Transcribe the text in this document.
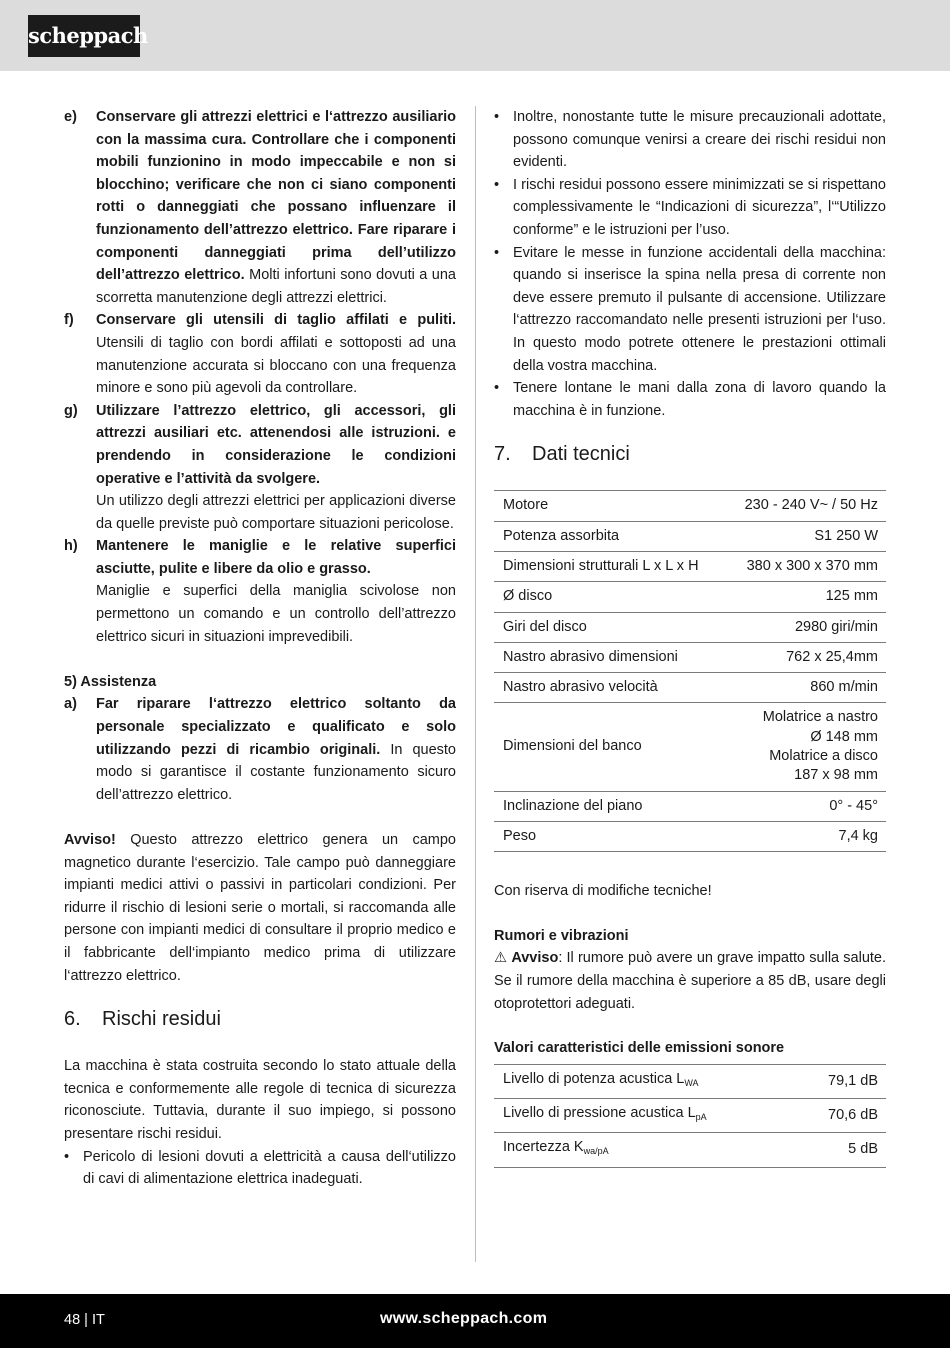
scheppach
e)	Conservare gli attrezzi elettrici e l‘attrezzo ausiliario con la massima cura. Controllare che i componenti mobili funzionino in modo impeccabile e non si blocchino; verificare che non ci siano componenti rotti o danneggiati che possano influenzare il funzionamento dell’attrezzo elettrico. Fare riparare i componenti danneggiati prima dell’utilizzo dell’attrezzo elettrico. Molti infortuni sono dovuti a una scorretta manutenzione degli attrezzi elettrici.
f)	Conservare gli utensili di taglio affilati e puliti. Utensili di taglio con bordi affilati e sottoposti ad una manutenzione accurata si bloccano con una frequenza minore e sono più agevoli da controllare.
g)	Utilizzare l’attrezzo elettrico, gli accessori, gli attrezzi ausiliari etc. attenendosi alle istruzioni. e prendendo in considerazione le condizioni operative e l’attività da svolgere.
Un utilizzo degli attrezzi elettrici per applicazioni diverse da quelle previste può comportare situazioni pericolose.
h)	Mantenere le maniglie e le relative superfici asciutte, pulite e libere da olio e grasso.
Maniglie e superfici della maniglia scivolose non permettono un comando e un controllo dell’attrezzo elettrico sicuri in situazioni imprevedibili.

5) Assistenza

a)	Far riparare l‘attrezzo elettrico soltanto da personale specializzato e qualificato e solo utilizzando pezzi di ricambio originali. In questo modo si garantisce il costante funzionamento sicuro dell’attrezzo elettrico.

Avviso! Questo attrezzo elettrico genera un campo magnetico durante l‘esercizio. Tale campo può danneggiare impianti medici attivi o passivi in particolari condizioni. Per ridurre il rischio di lesioni serie o mortali, si raccomanda alle persone con impianti medici di consultare il proprio medico e il fabbricante dell‘impianto medico prima di utilizzare l‘attrezzo elettrico.

6.	Rischi residui

La macchina è stata costruita secondo lo stato attuale della tecnica e conformemente alle regole di tecnica di sicurezza riconosciute. Tuttavia, durante il suo impiego, si possono presentare rischi residui.

• Pericolo di lesioni dovuti a elettricità a causa dell‘utilizzo di cavi di alimentazione elettrica inadeguati.
• Inoltre, nonostante tutte le misure precauzionali adottate, possono comunque venirsi a creare dei rischi residui non evidenti.
• I rischi residui possono essere minimizzati se si rispettano complessivamente le “Indicazioni di sicurezza”, l‘“Utilizzo conforme” e le istruzioni per l’uso.
• Evitare le messe in funzione accidentali della macchina: quando si inserisce la spina nella presa di corrente non deve essere premuto il pulsante di accensione. Utilizzare l‘attrezzo raccomandato nelle presenti istruzioni per l‘uso. In questo modo potrete ottenere le prestazioni ottimali della vostra macchina.
• Tenere lontane le mani dalla zona di lavoro quando la macchina è in funzione.
7.	Dati tecnici
Motore	230 - 240 V~ / 50 Hz
Potenza assorbita	S1 250 W
Dimensioni strutturali L x L x H	380 x 300 x 370 mm
Ø disco	125 mm
Giri del disco	2980 giri/min
Nastro abrasivo dimensioni	762 x 25,4mm
Nastro abrasivo velocità	860 m/min
Dimensioni del banco	Molatrice a nastro Ø 148 mm Molatrice a disco 187 x 98 mm
Inclinazione del piano	0° - 45°
Peso	7,4 kg

Con riserva di modifiche tecniche!

Rumori e vibrazioni

⚠ Avviso: Il rumore può avere un grave impatto sulla salute. Se il rumore della macchina è superiore a 85 dB, usare degli otoprotettori adeguati.

Valori caratteristici delle emissioni sonore

Livello di potenza acustica $L_{WA}$	79,1 dB
Livello di pressione acustica $L_{pA}$	70,6 dB
Incertezza $K_{wa/pA}$	5 dB
48 | IT	www.scheppach.com
